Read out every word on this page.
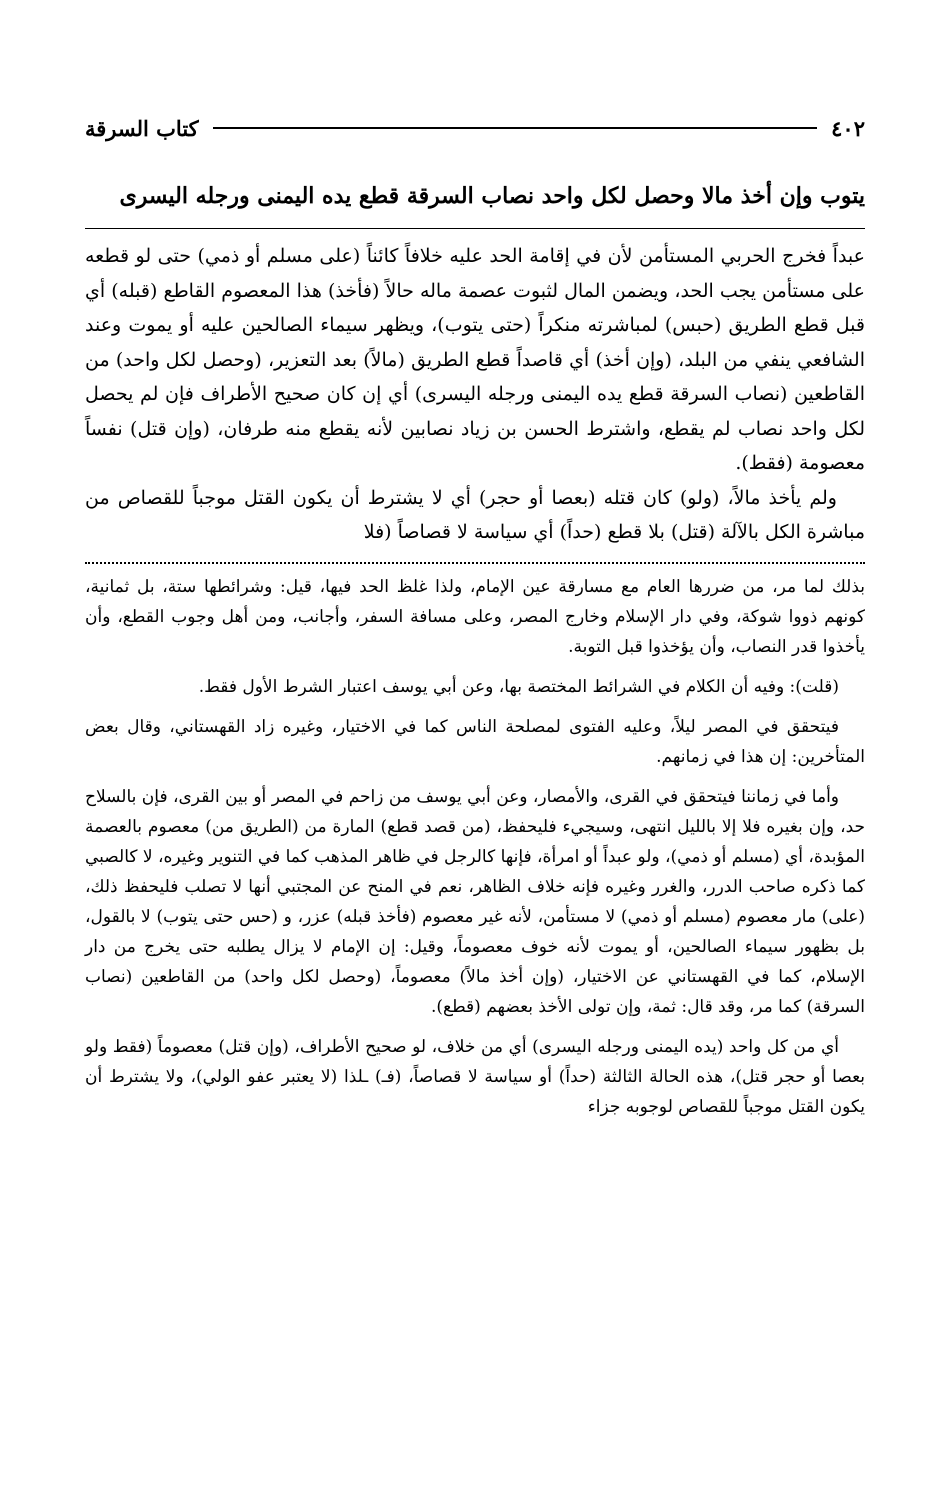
٤٠٢
كتاب السرقة
يتوب وإن أخذ مالا وحصل لكل واحد نصاب السرقة قطع يده اليمنى ورجله اليسرى

عبداً فخرج الحربي المستأمن لأن في إقامة الحد عليه خلافاً كائناً (على مسلم أو ذمي) حتى لو قطعه على مستأمن يجب الحد، ويضمن المال لثبوت عصمة ماله حالاً (فأخذ) هذا المعصوم القاطع (قبله) أي قبل قطع الطريق (حبس) لمباشرته منكراً (حتى يتوب)، ويظهر سيماء الصالحين عليه أو يموت وعند الشافعي ينفي من البلد، (وإن أخذ) أي قاصداً قطع الطريق (مالاً) بعد التعزير، (وحصل لكل واحد) من القاطعين (نصاب السرقة قطع يده اليمنى ورجله اليسرى) أي إن كان صحيح الأطراف فإن لم يحصل لكل واحد نصاب لم يقطع، واشترط الحسن بن زياد نصابين لأنه يقطع منه طرفان، (وإن قتل) نفساً معصومة (فقط).

ولم يأخذ مالاً، (ولو) كان قتله (بعصا أو حجر) أي لا يشترط أن يكون القتل موجباً للقصاص من مباشرة الكل بالآلة (قتل) بلا قطع (حداً) أي سياسة لا قصاصاً (فلا

بذلك لما مر، من ضررها العام مع مسارقة عين الإمام، ولذا غلظ الحد فيها، قيل: وشرائطها ستة، بل ثمانية، كونهم ذووا شوكة، وفي دار الإسلام وخارج المصر، وعلى مسافة السفر، وأجانب، ومن أهل وجوب القطع، وأن يأخذوا قدر النصاب، وأن يؤخذوا قبل التوبة.

(قلت): وفيه أن الكلام في الشرائط المختصة بها، وعن أبي يوسف اعتبار الشرط الأول فقط.

فيتحقق في المصر ليلاً، وعليه الفتوى لمصلحة الناس كما في الاختيار، وغيره زاد القهستاني، وقال بعض المتأخرين: إن هذا في زمانهم.

وأما في زماننا فيتحقق في القرى، والأمصار، وعن أبي يوسف من زاحم في المصر أو بين القرى، فإن بالسلاح حد، وإن بغيره فلا إلا بالليل انتهى، وسيجيء فليحفظ، (من قصد قطع) المارة من (الطريق من) معصوم بالعصمة المؤبدة، أي (مسلم أو ذمي)، ولو عبداً أو امرأة، فإنها كالرجل في ظاهر المذهب كما في التنوير وغيره، لا كالصبي كما ذكره صاحب الدرر، والغرر وغيره فإنه خلاف الظاهر، نعم في المنح عن المجتبي أنها لا تصلب فليحفظ ذلك، (على) مار معصوم (مسلم أو ذمي) لا مستأمن، لأنه غير معصوم (فأخذ قبله) عزر، و (حس حتى يتوب) لا بالقول، بل بظهور سيماء الصالحين، أو يموت لأنه خوف معصوماً، وقيل: إن الإمام لا يزال يطلبه حتى يخرج من دار الإسلام، كما في القهستاني عن الاختيار، (وإن أخذ مالاً) معصوماً، (وحصل لكل واحد) من القاطعين (نصاب السرقة) كما مر، وقد قال: ثمة، وإن تولى الأخذ بعضهم (قطع).

أي من كل واحد (يده اليمنى ورجله اليسرى) أي من خلاف، لو صحيح الأطراف، (وإن قتل) معصوماً (فقط ولو بعصا أو حجر قتل)، هذه الحالة الثالثة (حداً) أو سياسة لا قصاصاً، (فـ) ـلذا (لا يعتبر عفو الولي)، ولا يشترط أن يكون القتل موجباً للقصاص لوجوبه جزاء
